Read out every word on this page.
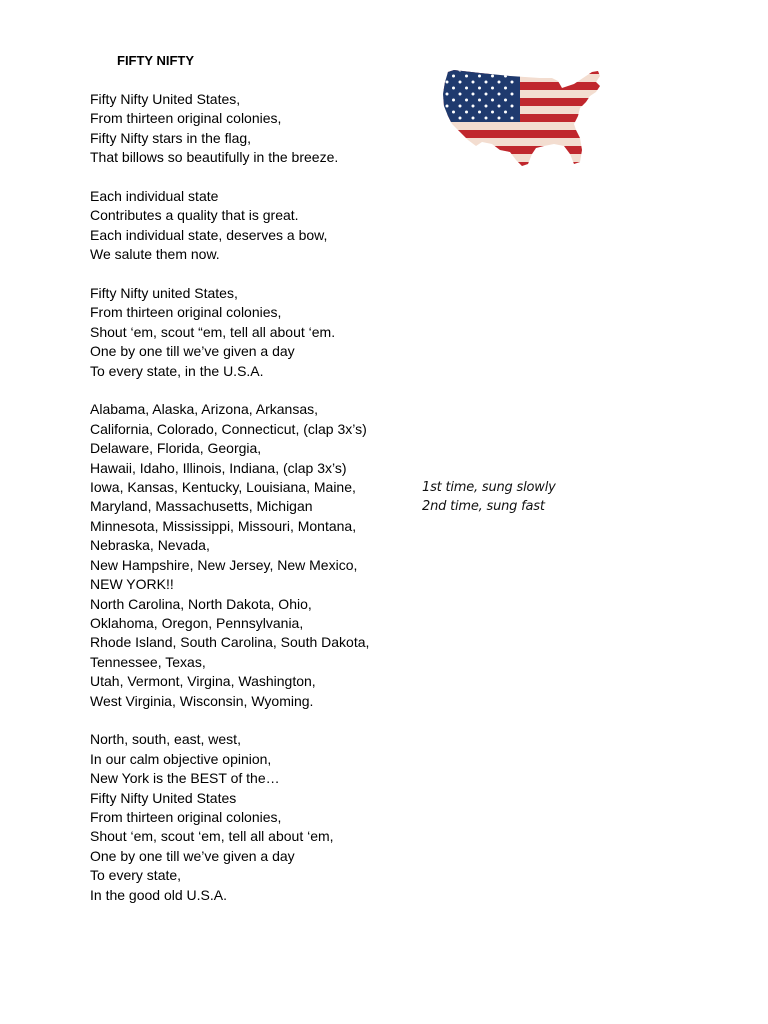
FIFTY NIFTY
Fifty Nifty United States,
From thirteen original colonies,
Fifty Nifty stars in the flag,
That billows so beautifully in the breeze.
Each individual state
Contributes a quality that is great.
Each individual state, deserves a bow,
We salute them now.
Fifty Nifty united States,
From thirteen original colonies,
Shout ‘em, scout “em, tell all about ‘em.
One by one till we’ve given a day
To every state, in the U.S.A.
Alabama, Alaska, Arizona, Arkansas,
California, Colorado, Connecticut, (clap 3x’s)
Delaware, Florida, Georgia,
Hawaii, Idaho, Illinois, Indiana, (clap 3x’s)
Iowa, Kansas, Kentucky, Louisiana, Maine,
Maryland, Massachusetts, Michigan
Minnesota, Mississippi, Missouri, Montana,
Nebraska, Nevada,
New Hampshire, New Jersey, New Mexico,
NEW YORK!!
North Carolina, North Dakota, Ohio,
Oklahoma, Oregon, Pennsylvania,
Rhode Island, South Carolina, South Dakota,
Tennessee, Texas,
Utah, Vermont, Virgina, Washington,
West Virginia, Wisconsin, Wyoming.
North, south, east, west,
In our calm objective opinion,
New York is the BEST of the…
Fifty Nifty United States
From thirteen original colonies,
Shout ‘em, scout ‘em, tell all about ‘em,
One by one till we’ve given a day
To every state,
In the good old U.S.A.
1st time, sung slowly
2nd time, sung fast
